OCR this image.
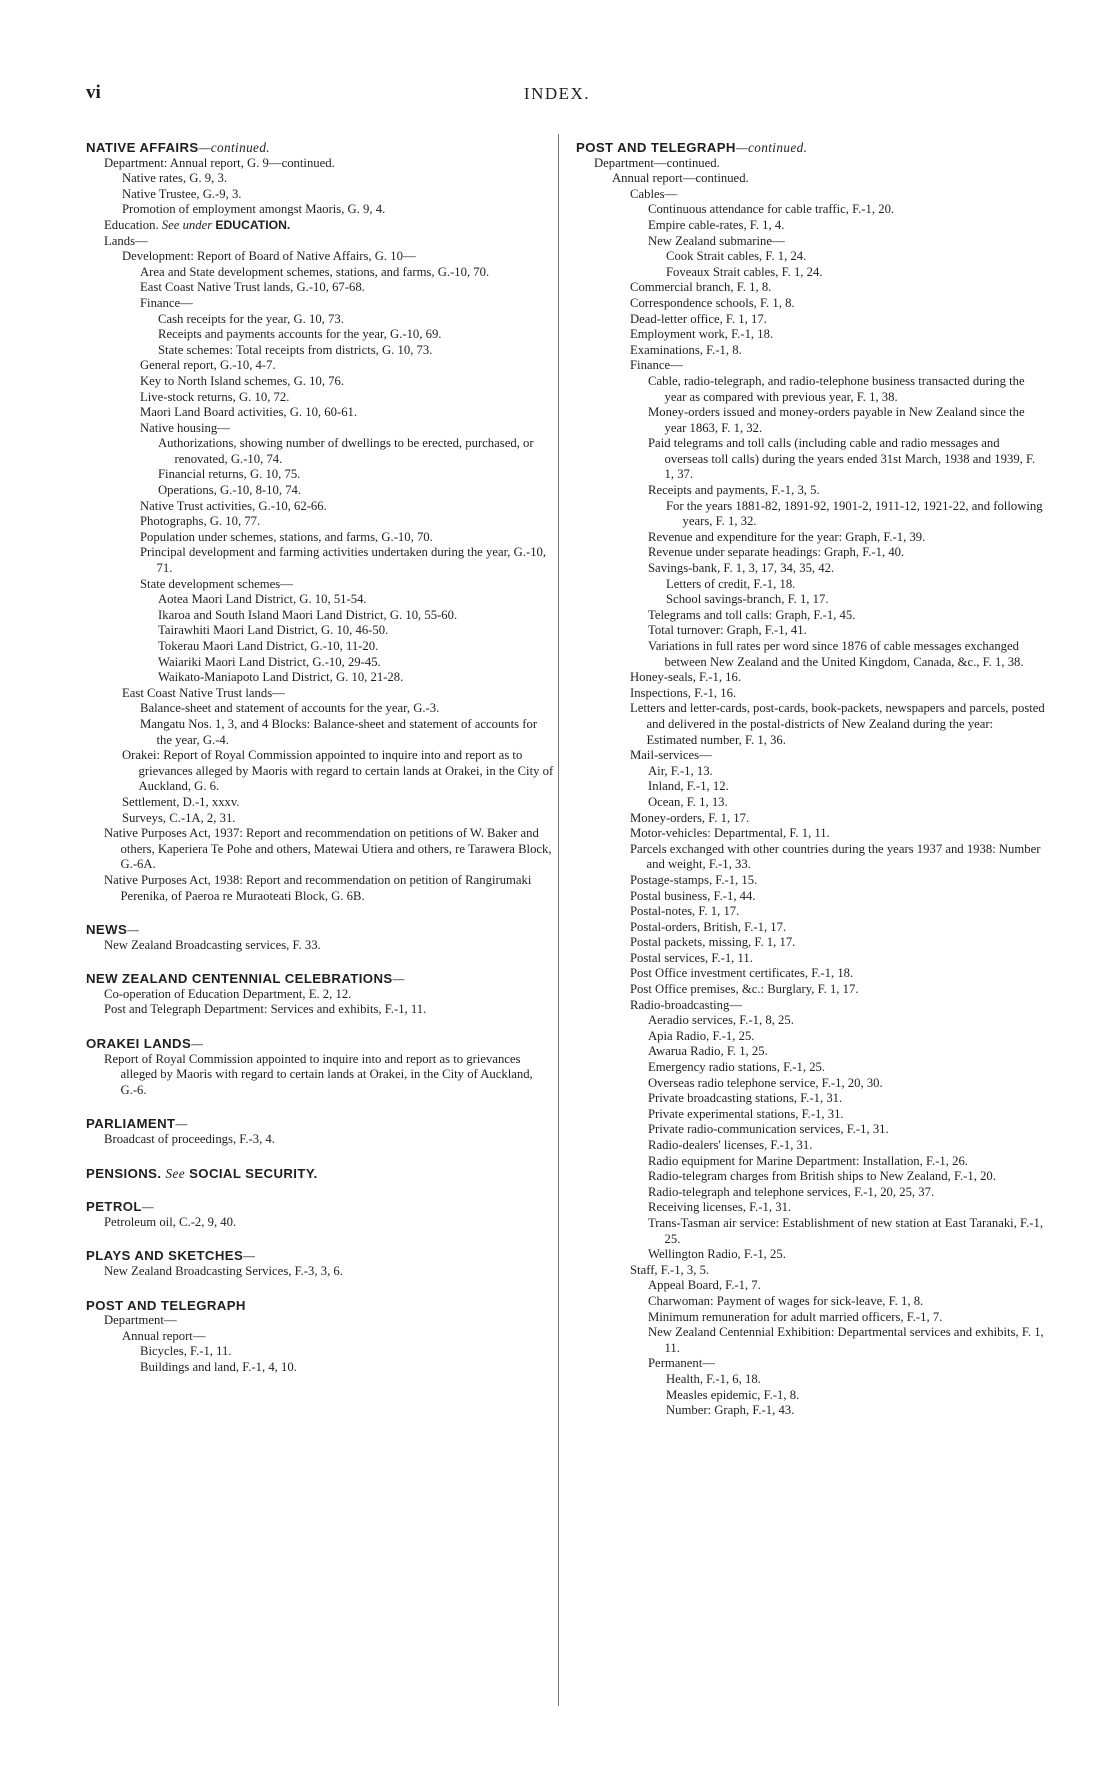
vi	INDEX.
NATIVE AFFAIRS—continued.
Department: Annual report, G. 9—continued.
Native rates, G. 9, 3.
Native Trustee, G.-9, 3.
Promotion of employment amongst Maoris, G. 9, 4.
Education. See under EDUCATION.
Lands—
Development: Report of Board of Native Affairs, G. 10—
Area and State development schemes, stations, and farms, G.-10, 70.
East Coast Native Trust lands, G.-10, 67-68.
Finance—
Cash receipts for the year, G. 10, 73.
Receipts and payments accounts for the year, G.-10, 69.
State schemes: Total receipts from districts, G. 10, 73.
General report, G.-10, 4-7.
Key to North Island schemes, G. 10, 76.
Live-stock returns, G. 10, 72.
Maori Land Board activities, G. 10, 60-61.
Native housing—
Authorizations, showing number of dwellings to be erected, purchased, or renovated, G.-10, 74.
Financial returns, G. 10, 75.
Operations, G.-10, 8-10, 74.
Native Trust activities, G.-10, 62-66.
Photographs, G. 10, 77.
Population under schemes, stations, and farms, G.-10, 70.
Principal development and farming activities undertaken during the year, G.-10, 71.
State development schemes—
Aotea Maori Land District, G. 10, 51-54.
Ikaroa and South Island Maori Land District, G. 10, 55-60.
Tairawhiti Maori Land District, G. 10, 46-50.
Tokerau Maori Land District, G.-10, 11-20.
Waiariki Maori Land District, G.-10, 29-45.
Waikato-Maniapoto Land District, G. 10, 21-28.
East Coast Native Trust lands—
Balance-sheet and statement of accounts for the year, G.-3.
Mangatu Nos. 1, 3, and 4 Blocks: Balance-sheet and statement of accounts for the year, G.-4.
Orakei: Report of Royal Commission appointed to inquire into and report as to grievances alleged by Maoris with regard to certain lands at Orakei, in the City of Auckland, G. 6.
Settlement, D.-1, xxxv.
Surveys, C.-1A, 2, 31.
Native Purposes Act, 1937: Report and recommendation on petitions of W. Baker and others, Kaperiera Te Pohe and others, Matewai Utiera and others, re Tarawera Block, G.-6A.
Native Purposes Act, 1938: Report and recommendation on petition of Rangirumaki Perenika, of Paeroa re Muraoteati Block, G. 6B.
NEWS—
New Zealand Broadcasting services, F. 33.
NEW ZEALAND CENTENNIAL CELEBRATIONS—
Co-operation of Education Department, E. 2, 12.
Post and Telegraph Department: Services and exhibits, F.-1, 11.
ORAKEI LANDS—
Report of Royal Commission appointed to inquire into and report as to grievances alleged by Maoris with regard to certain lands at Orakei, in the City of Auckland, G.-6.
PARLIAMENT—
Broadcast of proceedings, F.-3, 4.
PENSIONS. See SOCIAL SECURITY.
PETROL—
Petroleum oil, C.-2, 9, 40.
PLAYS AND SKETCHES—
New Zealand Broadcasting Services, F.-3, 3, 6.
POST AND TELEGRAPH
Department—
Annual report—
Bicycles, F.-1, 11.
Buildings and land, F.-1, 4, 10.
POST AND TELEGRAPH—continued.
Department—continued.
Annual report—continued.
Cables—
Continuous attendance for cable traffic, F.-1, 20.
Empire cable-rates, F. 1, 4.
New Zealand submarine—
Cook Strait cables, F. 1, 24.
Foveaux Strait cables, F. 1, 24.
Commercial branch, F. 1, 8.
Correspondence schools, F. 1, 8.
Dead-letter office, F. 1, 17.
Employment work, F.-1, 18.
Examinations, F.-1, 8.
Finance—
Cable, radio-telegraph, and radio-telephone business transacted during the year as compared with previous year, F. 1, 38.
Money-orders issued and money-orders payable in New Zealand since the year 1863, F. 1, 32.
Paid telegrams and toll calls (including cable and radio messages and overseas toll calls) during the years ended 31st March, 1938 and 1939, F. 1, 37.
Receipts and payments, F.-1, 3, 5.
For the years 1881-82, 1891-92, 1901-2, 1911-12, 1921-22, and following years, F. 1, 32.
Revenue and expenditure for the year: Graph, F.-1, 39.
Revenue under separate headings: Graph, F.-1, 40.
Savings-bank, F. 1, 3, 17, 34, 35, 42.
Letters of credit, F.-1, 18.
School savings-branch, F. 1, 17.
Telegrams and toll calls: Graph, F.-1, 45.
Total turnover: Graph, F.-1, 41.
Variations in full rates per word since 1876 of cable messages exchanged between New Zealand and the United Kingdom, Canada, &c., F. 1, 38.
Honey-seals, F.-1, 16.
Inspections, F.-1, 16.
Letters and letter-cards, post-cards, book-packets, newspapers and parcels, posted and delivered in the postal-districts of New Zealand during the year: Estimated number, F. 1, 36.
Mail-services—
Air, F.-1, 13.
Inland, F.-1, 12.
Ocean, F. 1, 13.
Money-orders, F. 1, 17.
Motor-vehicles: Departmental, F. 1, 11.
Parcels exchanged with other countries during the years 1937 and 1938: Number and weight, F.-1, 33.
Postage-stamps, F.-1, 15.
Postal business, F.-1, 44.
Postal-notes, F. 1, 17.
Postal-orders, British, F.-1, 17.
Postal packets, missing, F. 1, 17.
Postal services, F.-1, 11.
Post Office investment certificates, F.-1, 18.
Post Office premises, &c.: Burglary, F. 1, 17.
Radio-broadcasting—
Aeradio services, F.-1, 8, 25.
Apia Radio, F.-1, 25.
Awarua Radio, F. 1, 25.
Emergency radio stations, F.-1, 25.
Overseas radio telephone service, F.-1, 20, 30.
Private broadcasting stations, F.-1, 31.
Private experimental stations, F.-1, 31.
Private radio-communication services, F.-1, 31.
Radio-dealers' licenses, F.-1, 31.
Radio equipment for Marine Department: Installation, F.-1, 26.
Radio-telegram charges from British ships to New Zealand, F.-1, 20.
Radio-telegraph and telephone services, F.-1, 20, 25, 37.
Receiving licenses, F.-1, 31.
Trans-Tasman air service: Establishment of new station at East Taranaki, F.-1, 25.
Wellington Radio, F.-1, 25.
Staff, F.-1, 3, 5.
Appeal Board, F.-1, 7.
Charwoman: Payment of wages for sick-leave, F. 1, 8.
Minimum remuneration for adult married officers, F.-1, 7.
New Zealand Centennial Exhibition: Departmental services and exhibits, F. 1, 11.
Permanent—
Health, F.-1, 6, 18.
Measles epidemic, F.-1, 8.
Number: Graph, F.-1, 43.
